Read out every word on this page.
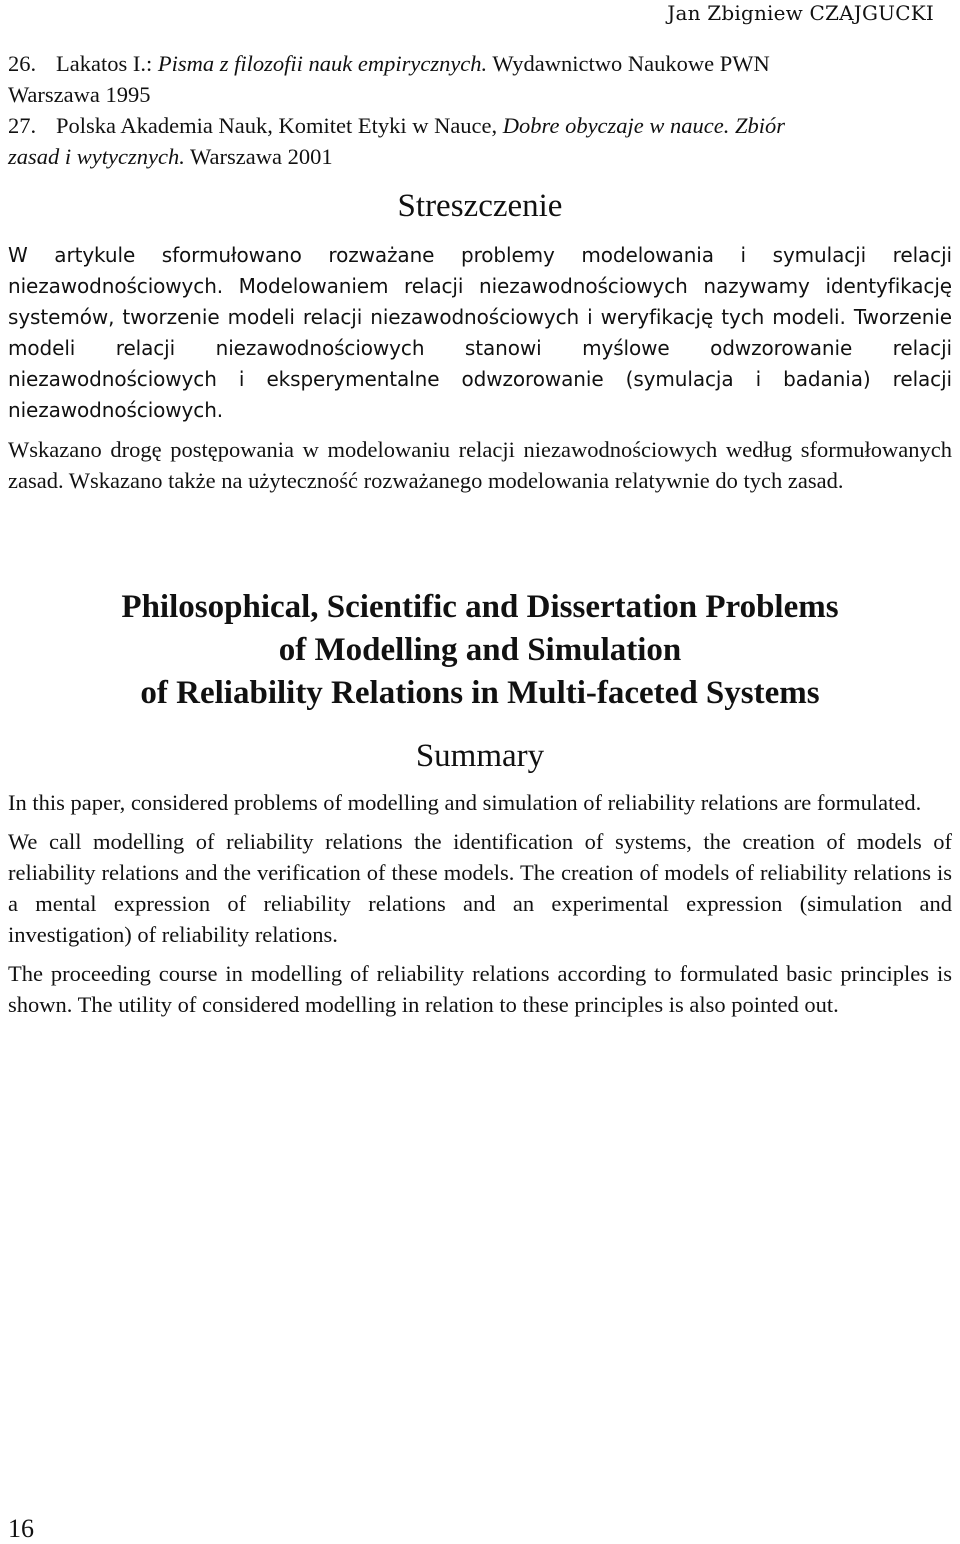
Jan Zbigniew CZAJGUCKI

26. Lakatos I.: Pisma z filozofii nauk empirycznych. Wydawnictwo Naukowe PWN

Warszawa 1995

27. Polska Akademia Nauk, Komitet Etyki w Nauce, Dobre obyczaje w nauce. Zbiór

zasad i wytycznych. Warszawa 2001

Streszczenie

W artykule sformułowano rozważane problemy modelowania i symulacji relacji niezawodnościowych. Modelowaniem relacji niezawodnościowych nazywamy identyfikację systemów, tworzenie modeli relacji niezawodnościowych i weryfikację tych modeli. Tworzenie modeli relacji niezawodnościowych stanowi myślowe odwzorowanie relacji niezawodnościowych i eksperymentalne odwzorowanie (symulacja i badania) relacji niezawodnościowych.

Wskazano drogę postępowania w modelowaniu relacji niezawodnościowych według sformułowanych zasad. Wskazano także na użyteczność rozważanego modelowania relatywnie do tych zasad.

Philosophical, Scientific and Dissertation Problems
of Modelling and Simulation
of Reliability Relations in Multi-faceted Systems
Summary

In this paper, considered problems of modelling and simulation of reliability relations are formulated.

We call modelling of reliability relations the identification of systems, the creation of models of reliability relations and the verification of these models. The creation of models of reliability relations is a mental expression of reliability relations and an experimental expression (simulation and investigation) of reliability relations.

The proceeding course in modelling of reliability relations according to formulated basic principles is shown. The utility of considered modelling in relation to these principles is also pointed out.

16
